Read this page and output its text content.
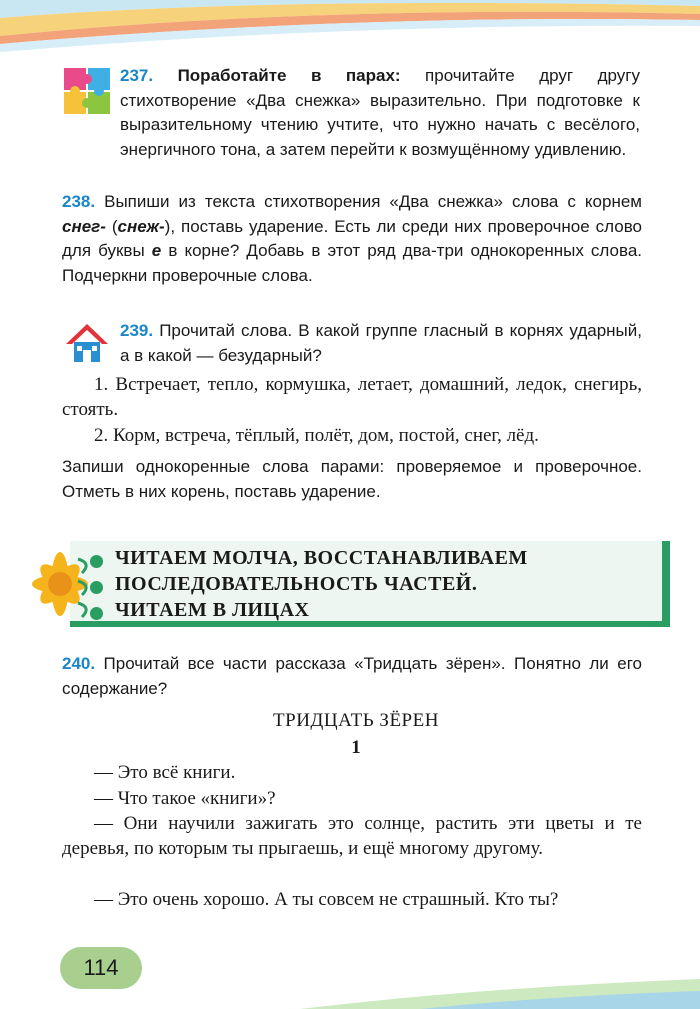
237. Поработайте в парах: прочитайте друг другу стихотворение «Два снежка» выразительно. При подготовке к выразительному чтению учтите, что нужно начать с весёлого, энергичного тона, а затем перейти к возмущённому удивлению.
238. Выпиши из текста стихотворения «Два снежка» слова с корнем снег- (снеж-), поставь ударение. Есть ли среди них проверочное слово для буквы е в корне? Добавь в этот ряд два-три однокоренных слова. Подчеркни проверочные слова.
239. Прочитай слова. В какой группе гласный в корнях ударный, а в какой — безударный?
1. Встречает, тепло, кормушка, летает, домашний, ледок, снегирь, стоять.
2. Корм, встреча, тёплый, полёт, дом, постой, снег, лёд.
Запиши однокоренные слова парами: проверяемое и проверочное. Отметь в них корень, поставь ударение.
ЧИТАЕМ МОЛЧА, ВОССТАНАВЛИВАЕМ
ПОСЛЕДОВАТЕЛЬНОСТЬ ЧАСТЕЙ.
ЧИТАЕМ В ЛИЦАХ
240. Прочитай все части рассказа «Тридцать зёрен». Понятно ли его содержание?
ТРИДЦАТЬ ЗЁРЕН
1
— Это всё книги.
— Что такое «книги»?
— Они научили зажигать это солнце, растить эти цветы и те деревья, по которым ты прыгаешь, и ещё многому другому.
— Это очень хорошо. А ты совсем не страшный. Кто ты?
114
